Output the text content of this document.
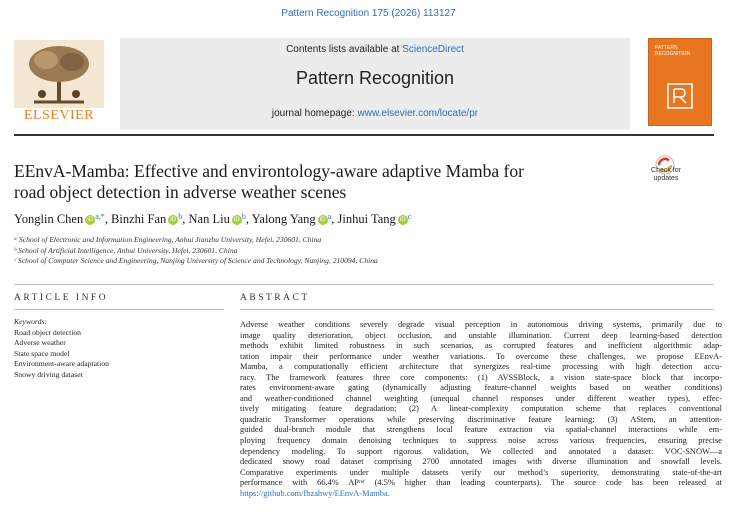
Pattern Recognition 175 (2026) 113127
ELSEVIER
Contents lists available at ScienceDirect
Pattern Recognition
journal homepage: www.elsevier.com/locate/pr
PATTERN RECOGNITION
Check for
updates
EEnvA-Mamba: Effective and environtology-aware adaptive Mamba for
road object detection in adverse weather scenes
Yonglin Chen iD $^{a,*}$, Binzhi Fan iD $^b$, Nan Liu iD $^b$, Yalong Yang iD $^a$, Jinhui Tang iD $^c$
ᵃ School of Electronic and Information Engineering, Anhui Jianzhu University, Hefei, 230601, China
ᵇ School of Artificial Intelligence, Anhui University, Hefei, 230601, China
ᶜ School of Computer Science and Engineering, Nanjing University of Science and Technology, Nanjing, 210094, China
ARTICLE INFO	ABSTRACT
Keywords:
Road object detection
Adverse weather
State space model
Environment-aware adaptation
Snowy driving dataset
Adverse weather conditions severely degrade visual perception in autonomous driving systems, primarily due to
image quality deterioration, object occlusion, and unstable illumination. Current deep learning-based detection
methods exhibit limited robustness in such scenarios, as corrupted features and inefficient algorithmic adap-
tation impair their performance under weather variations. To overcome these challenges, we propose EEnvA-
Mamba, a computationally efficient architecture that synergizes real-time processing with high detection accu-
racy. The framework features three core components: (1) AVSSBlock, a vision state-space block that incorpo-
rates environment-aware gating (dynamically adjusting feature-channel weights based on weather conditions)
and weather-conditioned channel weighting (unequal channel responses under different weather types), effec-
tively mitigating feature degradation; (2) A linear-complexity computation scheme that replaces conventional
quadratic Transformer operations while preserving discriminative feature learning; (3) AStem, an attention-
guided dual-branch module that strengthens local feature extraction via spatial-channel interactions while em-
ploying frequency domain denoising techniques to suppress noise across various frequencies, ensuring precise
dependency modeling. To support rigorous validation, We collected and annotated a dataset: VOC-SNOW—a
dedicated snowy road dataset comprising 2700 annotated images with diverse illumination and snowfall levels.
Comparative experiments under multiple datasets verify our method’s superiority, demonstrating state-of-the-art
performance with 66.4% APʳᵉᶠ (4.5% higher than leading counterparts). The source code has been released at
https://github.com/fbzahwy/EEnvA-Mamba.
